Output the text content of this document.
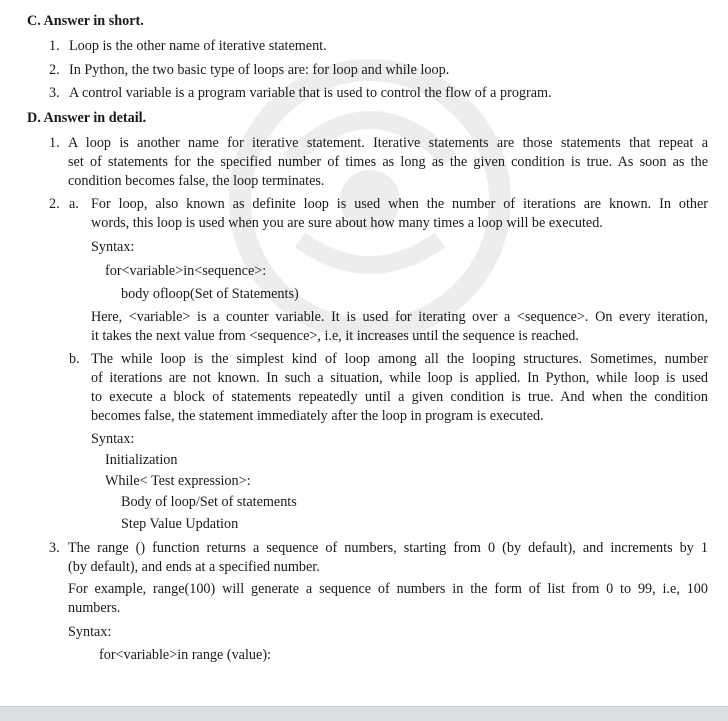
C. Answer in short.
1. Loop is the other name of iterative statement.
2. In Python, the two basic type of loops are: for loop and while loop.
3. A control variable is a program variable that is used to control the flow of a program.
D. Answer in detail.
1. A loop is another name for iterative statement. Iterative statements are those statements that repeat a
set of statements for the specified number of times as long as the given condition is true. As soon as the
condition becomes false, the loop terminates.
2. a. For loop, also known as definite loop is used when the number of iterations are known. In other
words, this loop is used when you are sure about how many times a loop will be executed.
Syntax:
for<variable>in<sequence>:
body ofloop(Set of Statements)
Here, <variable> is a counter variable. It is used for iterating over a <sequence>. On every iteration,
it takes the next value from <sequence>, i.e, it increases until the sequence is reached.
b. The while loop is the simplest kind of loop among all the looping structures. Sometimes, number
of iterations are not known. In such a situation, while loop is applied. In Python, while loop is used
to execute a block of statements repeatedly until a given condition is true. And when the condition
becomes false, the statement immediately after the loop in program is executed.
Syntax:
Initialization
While< Test expression>:
Body of loop/Set of statements
Step Value Updation
3. The range () function returns a sequence of numbers, starting from 0 (by default), and increments by 1
(by default), and ends at a specified number.
For example, range(100) will generate a sequence of numbers in the form of list from 0 to 99, i.e, 100
numbers.
Syntax:
for<variable>in range (value):
